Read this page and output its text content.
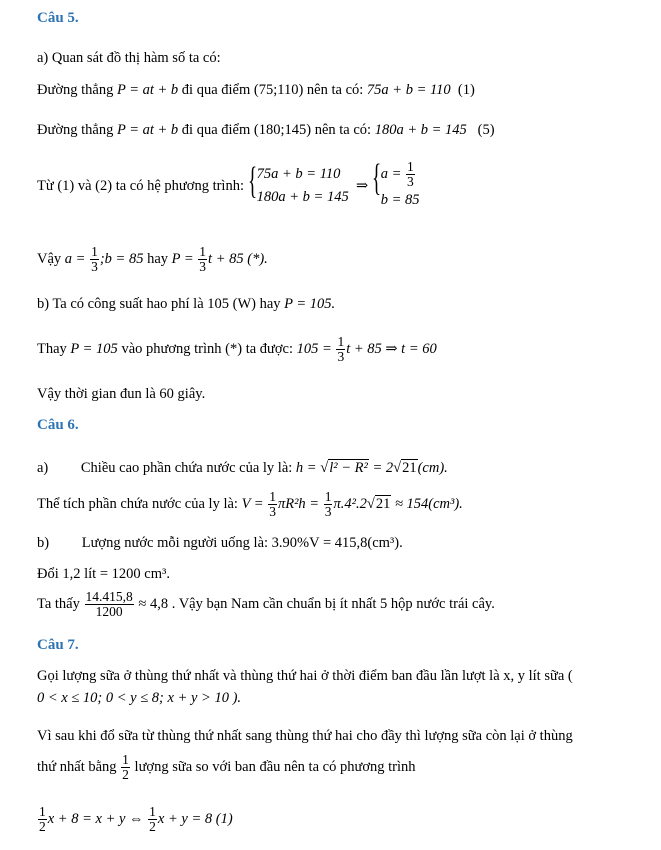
Câu 5.
a) Quan sát đồ thị hàm số ta có:
Đường thẳng P = at + b đi qua điểm (75;110) nên ta có: 75a + b = 110 (1)
Đường thẳng P = at + b đi qua điểm (180;145) nên ta có: 180a + b = 145 (5)
Từ (1) và (2) ta có hệ phương trình: { 75a + b = 110
180a + b = 145
⇒ { $a = \frac{1}{3}$
b = 85
Vậy $a = \frac{1}{3}$ ;b = 85 hay $P = \frac{1}{3}$ t + 85 (*).
b) Ta có công suất hao phí là 105 (W) hay P = 105.
Thay P = 105 vào phương trình (*) ta được: $105 = \frac{1}{3}$ t + 85 ⇒ t = 60
Vậy thời gian đun là 60 giây.
Câu 6.
a) Chiều cao phần chứa nước của ly là: h = √l² − R² = 2√21(cm).
Thể tích phần chứa nước của ly là: $V = \frac{1}{3} \pi R^2h = \frac{1}{3} \pi.4^2.2√21 \approx 154(cm^3)$.
b) Lượng nước mỗi người uống là: 3.90%V = 415,8(cm³).
Đổi 1,2 lít = 1200 cm³.
Ta thấy $\frac{14.415,8}{1200} \approx 4,8$ . Vậy bạn Nam cần chuẩn bị ít nhất 5 hộp nước trái cây.
Câu 7.
Gọi lượng sữa ở thùng thứ nhất và thùng thứ hai ở thời điểm ban đầu lần lượt là x, y lít sữa (
0 < x ≤ 10; 0 < y ≤ 8; x + y > 10 ).
Vì sau khi đổ sữa từ thùng thứ nhất sang thùng thứ hai cho đầy thì lượng sữa còn lại ở thùng
thứ nhất bằng $\frac{1}{2}$ lượng sữa so với ban đầu nên ta có phương trình
$\frac{1}{2}$ x + 8 = x + y ⇔ $\frac{1}{2}$ x + y = 8 (1)
